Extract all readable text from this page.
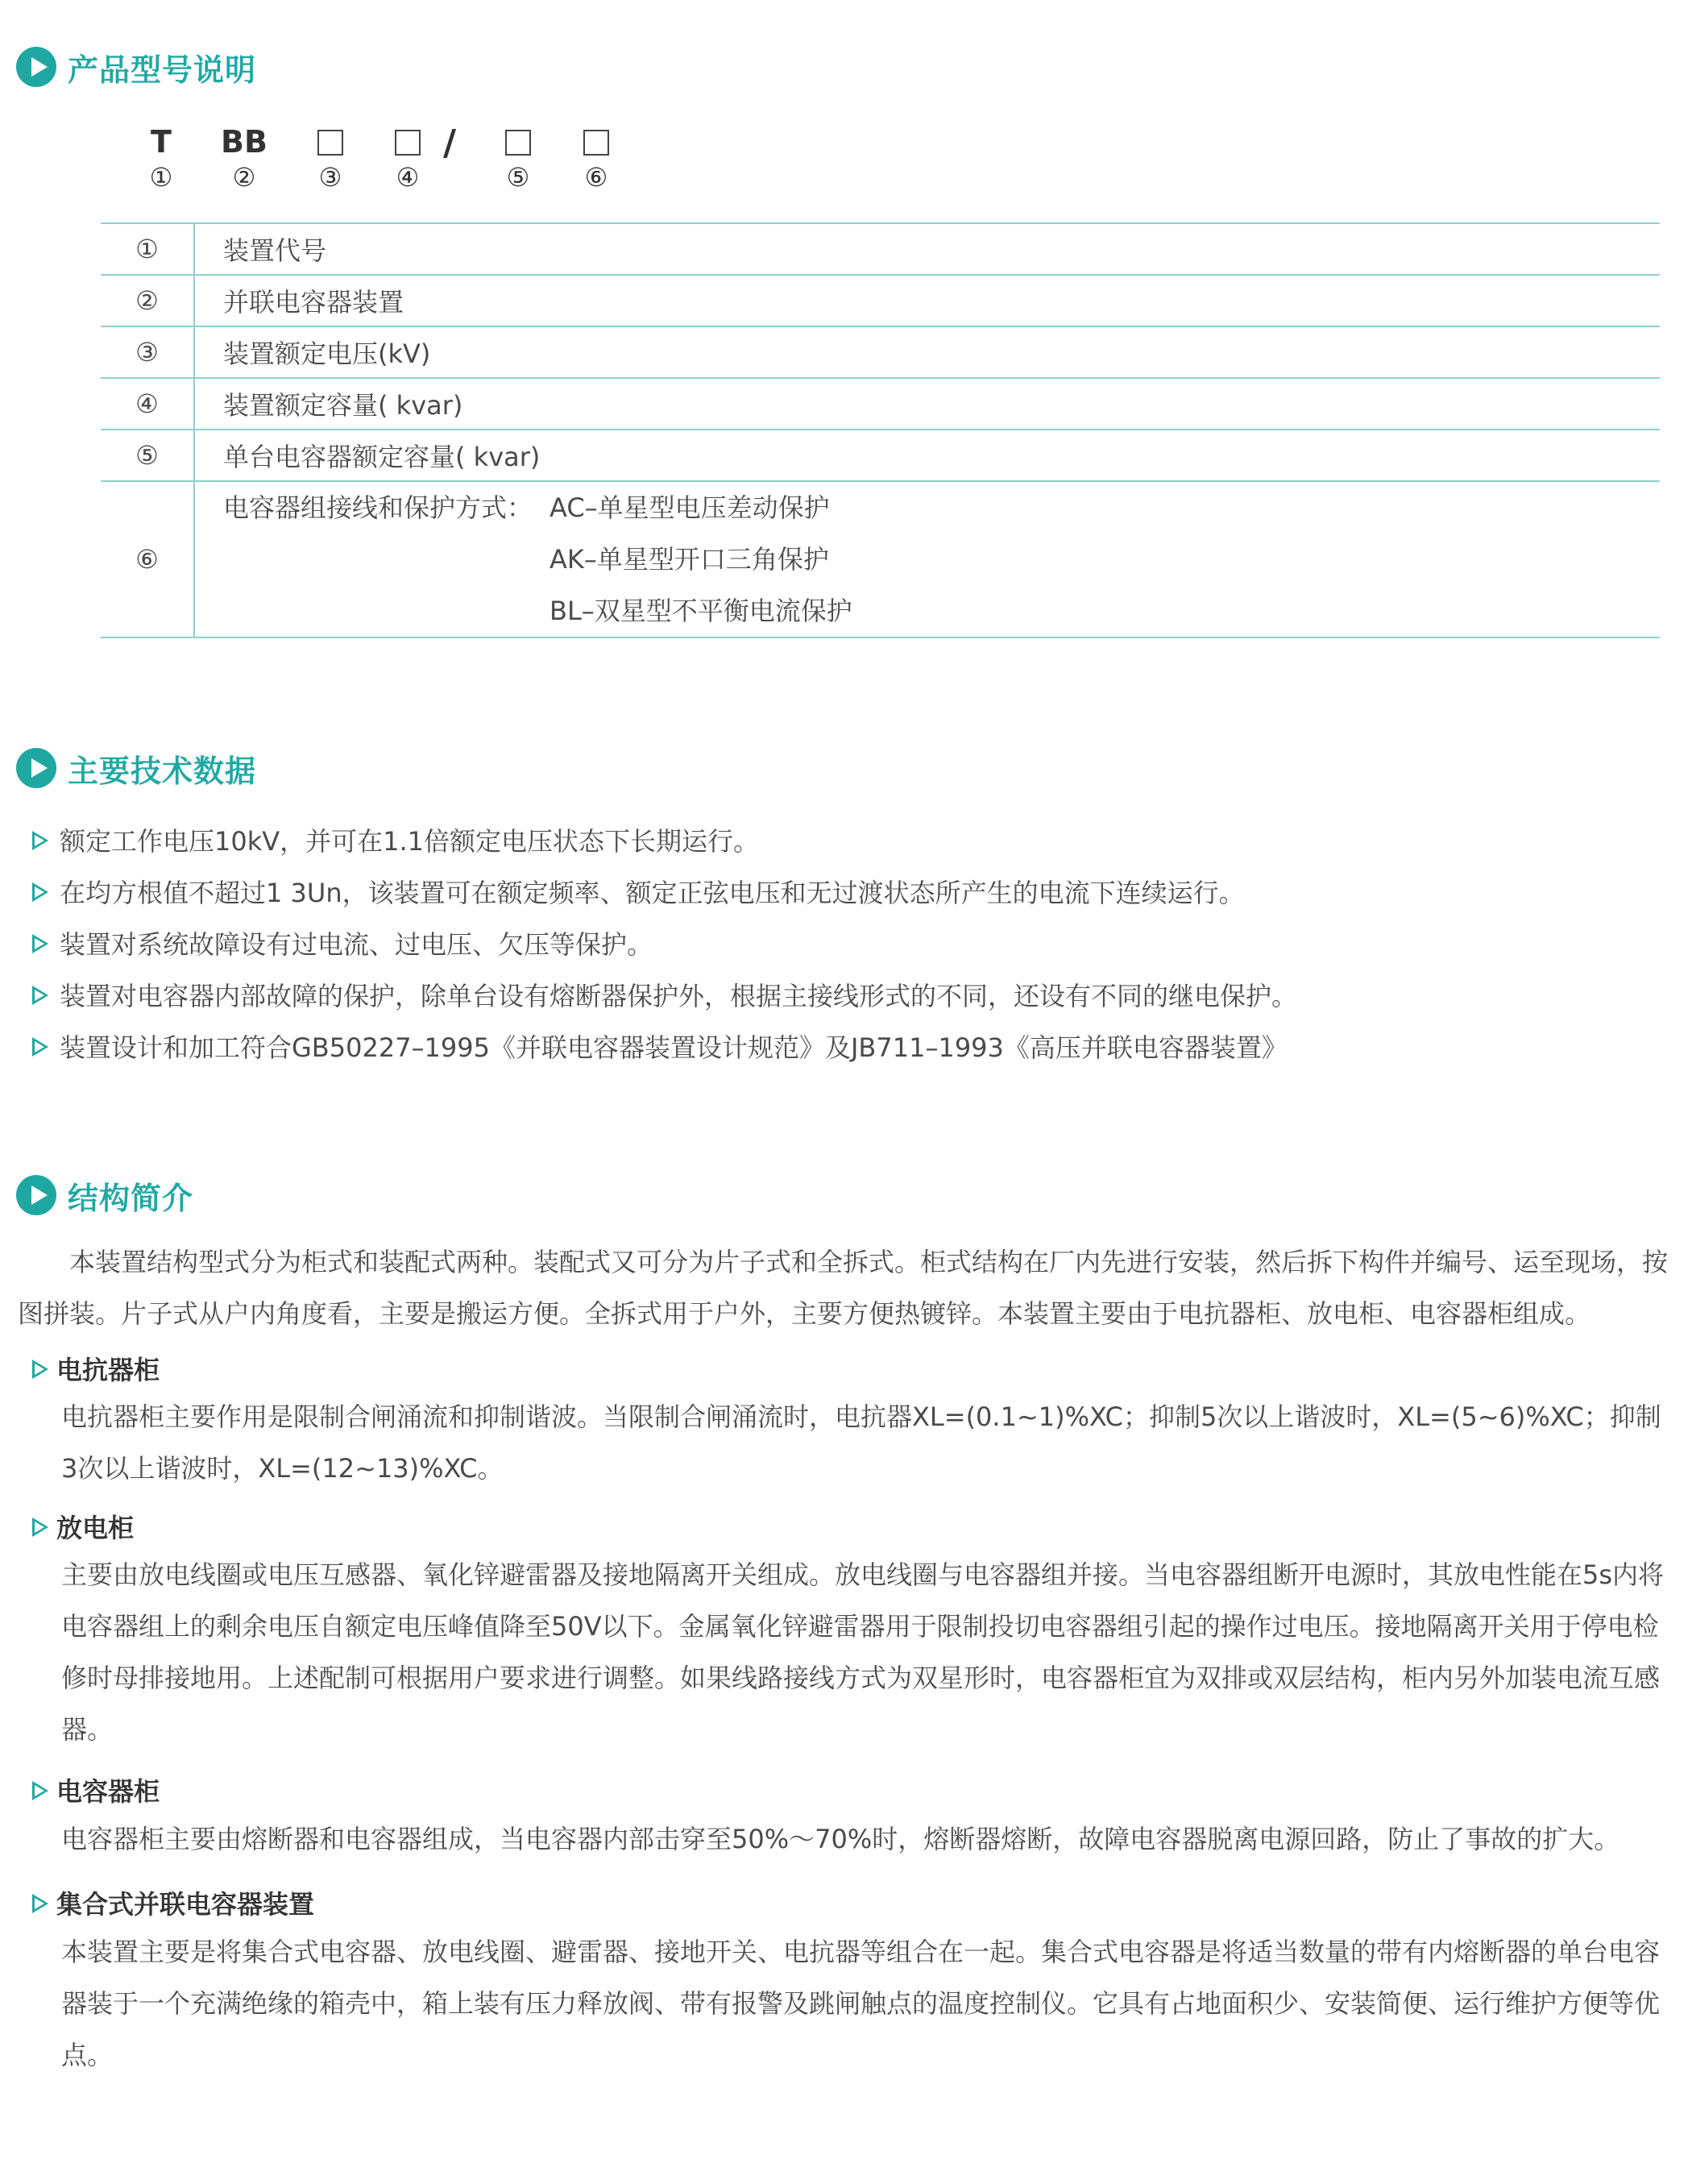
产品型号说明
T
①
BB
②	③	④
/
⑤	⑥
①	装置代号
②	并联电容器装置
③	装置额定电压(kV)
④	装置额定容量( kvar)
⑤	单台电容器额定容量( kvar)
⑥	电容器组接线和保护方式： AC–单星型电压差动保护
AK–单星型开口三角保护
BL–双星型不平衡电流保护
主要技术数据
额定工作电压10kV，并可在1.1倍额定电压状态下长期运行。
在均方根值不超过1 3Un，该装置可在额定频率、额定正弦电压和无过渡状态所产生的电流下连续运行。
装置对系统故障设有过电流、过电压、欠压等保护。
装置对电容器内部故障的保护，除单台设有熔断器保护外，根据主接线形式的不同，还设有不同的继电保护。
装置设计和加工符合GB50227–1995《并联电容器装置设计规范》及JB711–1993《高压并联电容器装置》
结构简介
本装置结构型式分为柜式和装配式两种。装配式又可分为片子式和全拆式。柜式结构在厂内先进行安装，然后拆下构件并编号、运至现场，按图拼装。片子式从户内角度看，主要是搬运方便。全拆式用于户外，主要方便热镀锌。本装置主要由于电抗器柜、放电柜、电容器柜组成。
电抗器柜
电抗器柜主要作用是限制合闸涌流和抑制谐波。当限制合闸涌流时，电抗器XL=(0.1~1)%XC；抑制5次以上谐波时，XL=(5~6)%XC；抑制3次以上谐波时，XL=(12~13)%XC。
放电柜
主要由放电线圈或电压互感器、氧化锌避雷器及接地隔离开关组成。放电线圈与电容器组并接。当电容器组断开电源时，其放电性能在5s内将电容器组上的剩余电压自额定电压峰值降至50V以下。金属氧化锌避雷器用于限制投切电容器组引起的操作过电压。接地隔离开关用于停电检修时母排接地用。上述配制可根据用户要求进行调整。如果线路接线方式为双星形时，电容器柜宜为双排或双层结构，柜内另外加装电流互感器。
电容器柜
电容器柜主要由熔断器和电容器组成，当电容器内部击穿至50%～70%时，熔断器熔断，故障电容器脱离电源回路，防止了事故的扩大。
集合式并联电容器装置
本装置主要是将集合式电容器、放电线圈、避雷器、接地开关、电抗器等组合在一起。集合式电容器是将适当数量的带有内熔断器的单台电容器装于一个充满绝缘的箱壳中，箱上装有压力释放阀、带有报警及跳闸触点的温度控制仪。它具有占地面积少、安装简便、运行维护方便等优点。
